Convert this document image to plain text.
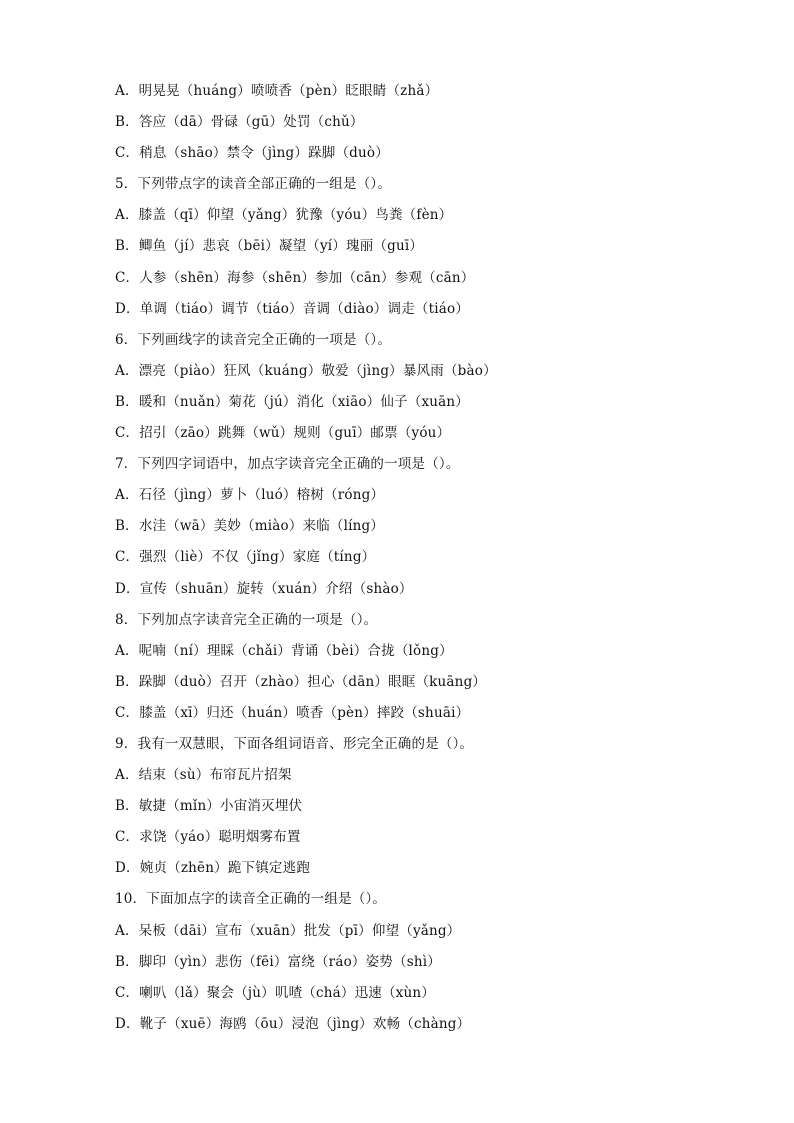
A．明晃晃（huáng）喷喷香（pèn）眨眼睛（zhǎ）
B．答应（dā）骨碌（gū）处罚（chǔ）
C．稍息（shāo）禁令（jìng）跺脚（duò）
5．下列带点字的读音全部正确的一组是（）。
A．膝盖（qī）仰望（yǎng）犹豫（yóu）鸟粪（fèn）
B．鲫鱼（jí）悲哀（bēi）凝望（yí）瑰丽（guī）
C．人参（shēn）海参（shēn）参加（cān）参观（cān）
D．单调（tiáo）调节（tiáo）音调（diào）调走（tiáo）
6．下列画线字的读音完全正确的一项是（）。
A．漂亮（piào）狂风（kuáng）敬爱（jìng）暴风雨（bào）
B．暖和（nuǎn）菊花（jú）消化（xiāo）仙子（xuān）
C．招引（zāo）跳舞（wǔ）规则（guī）邮票（yóu）
7．下列四字词语中，加点字读音完全正确的一项是（）。
A．石径（jìng）萝卜（luó）榕树（róng）
B．水洼（wā）美妙（miào）来临（líng）
C．强烈（liè）不仅（jǐng）家庭（tíng）
D．宣传（shuān）旋转（xuán）介绍（shào）
8．下列加点字读音完全正确的一项是（）。
A．呢喃（ní）理睬（chǎi）背诵（bèi）合拢（lǒng）
B．跺脚（duò）召开（zhào）担心（dān）眼眶（kuāng）
C．膝盖（xī）归还（huán）喷香（pèn）摔跤（shuāi）
9．我有一双慧眼，下面各组词语音、形完全正确的是（）。
A．结束（sù）布帘瓦片招架
B．敏捷（mǐn）小宙消灭埋伏
C．求饶（yáo）聪明烟雾布置
D．婉贞（zhēn）跪下镇定逃跑
10．下面加点字的读音全正确的一组是（）。
A．呆板（dāi）宣布（xuān）批发（pī）仰望（yǎng）
B．脚印（yìn）悲伤（fēi）富绕（ráo）姿势（shì）
C．喇叭（lǎ）聚会（jù）叽喳（chá）迅速（xùn）
D．靴子（xuē）海鸥（ōu）浸泡（jìng）欢畅（chàng）
